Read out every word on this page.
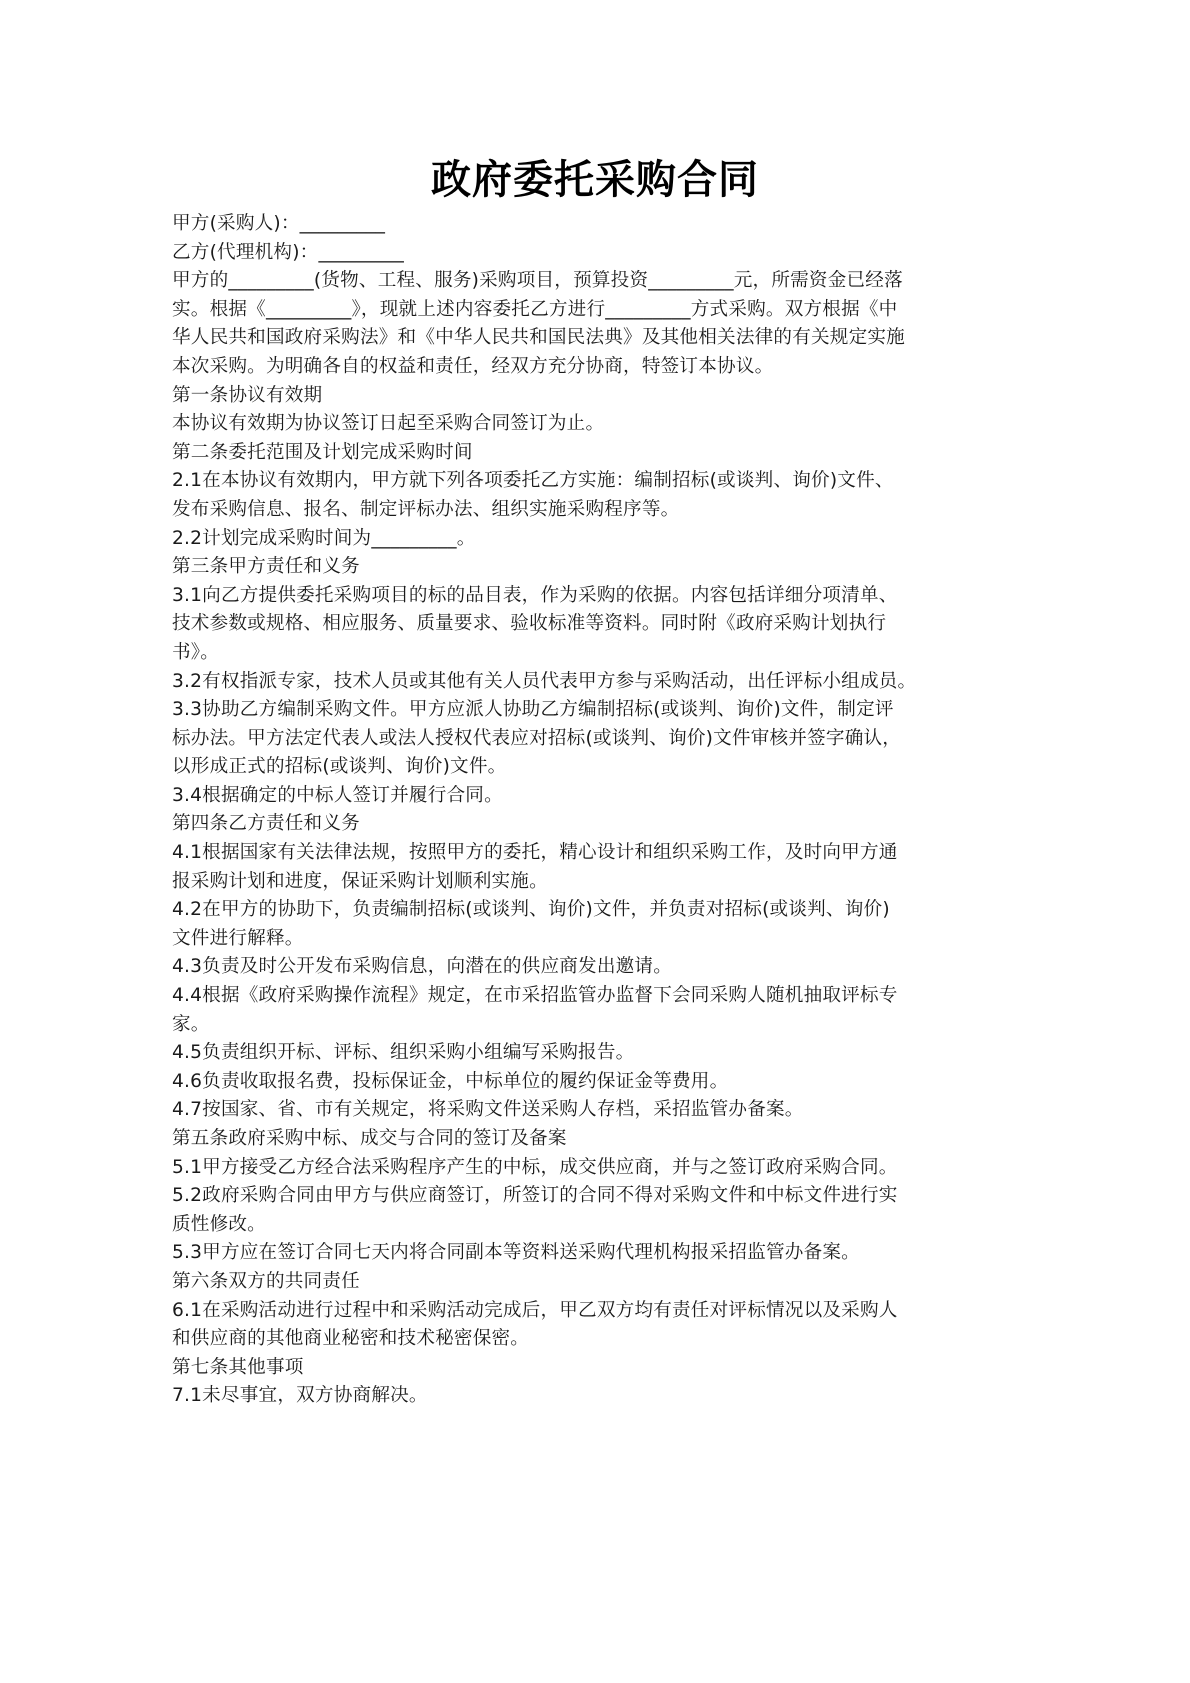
政府委托采购合同

甲方(采购人)：_________

乙方(代理机构)：_________

甲方的_________(货物、工程、服务)采购项目，预算投资_________元，所需资金已经落

实。根据《_________》，现就上述内容委托乙方进行_________方式采购。双方根据《中

华人民共和国政府采购法》和《中华人民共和国民法典》及其他相关法律的有关规定实施

本次采购。为明确各自的权益和责任，经双方充分协商，特签订本协议。

第一条协议有效期

本协议有效期为协议签订日起至采购合同签订为止。

第二条委托范围及计划完成采购时间

2.1在本协议有效期内，甲方就下列各项委托乙方实施：编制招标(或谈判、询价)文件、

发布采购信息、报名、制定评标办法、组织实施采购程序等。

2.2计划完成采购时间为_________。

第三条甲方责任和义务

3.1向乙方提供委托采购项目的标的品目表，作为采购的依据。内容包括详细分项清单、

技术参数或规格、相应服务、质量要求、验收标准等资料。同时附《政府采购计划执行

书》。

3.2有权指派专家，技术人员或其他有关人员代表甲方参与采购活动，出任评标小组成员。

3.3协助乙方编制采购文件。甲方应派人协助乙方编制招标(或谈判、询价)文件，制定评

标办法。甲方法定代表人或法人授权代表应对招标(或谈判、询价)文件审核并签字确认，

以形成正式的招标(或谈判、询价)文件。

3.4根据确定的中标人签订并履行合同。

第四条乙方责任和义务

4.1根据国家有关法律法规，按照甲方的委托，精心设计和组织采购工作，及时向甲方通

报采购计划和进度，保证采购计划顺利实施。

4.2在甲方的协助下，负责编制招标(或谈判、询价)文件，并负责对招标(或谈判、询价)

文件进行解释。

4.3负责及时公开发布采购信息，向潜在的供应商发出邀请。

4.4根据《政府采购操作流程》规定，在市采招监管办监督下会同采购人随机抽取评标专

家。

4.5负责组织开标、评标、组织采购小组编写采购报告。

4.6负责收取报名费，投标保证金，中标单位的履约保证金等费用。

4.7按国家、省、市有关规定，将采购文件送采购人存档，采招监管办备案。

第五条政府采购中标、成交与合同的签订及备案

5.1甲方接受乙方经合法采购程序产生的中标，成交供应商，并与之签订政府采购合同。

5.2政府采购合同由甲方与供应商签订，所签订的合同不得对采购文件和中标文件进行实

质性修改。

5.3甲方应在签订合同七天内将合同副本等资料送采购代理机构报采招监管办备案。

第六条双方的共同责任

6.1在采购活动进行过程中和采购活动完成后，甲乙双方均有责任对评标情况以及采购人

和供应商的其他商业秘密和技术秘密保密。

第七条其他事项

7.1未尽事宜，双方协商解决。
